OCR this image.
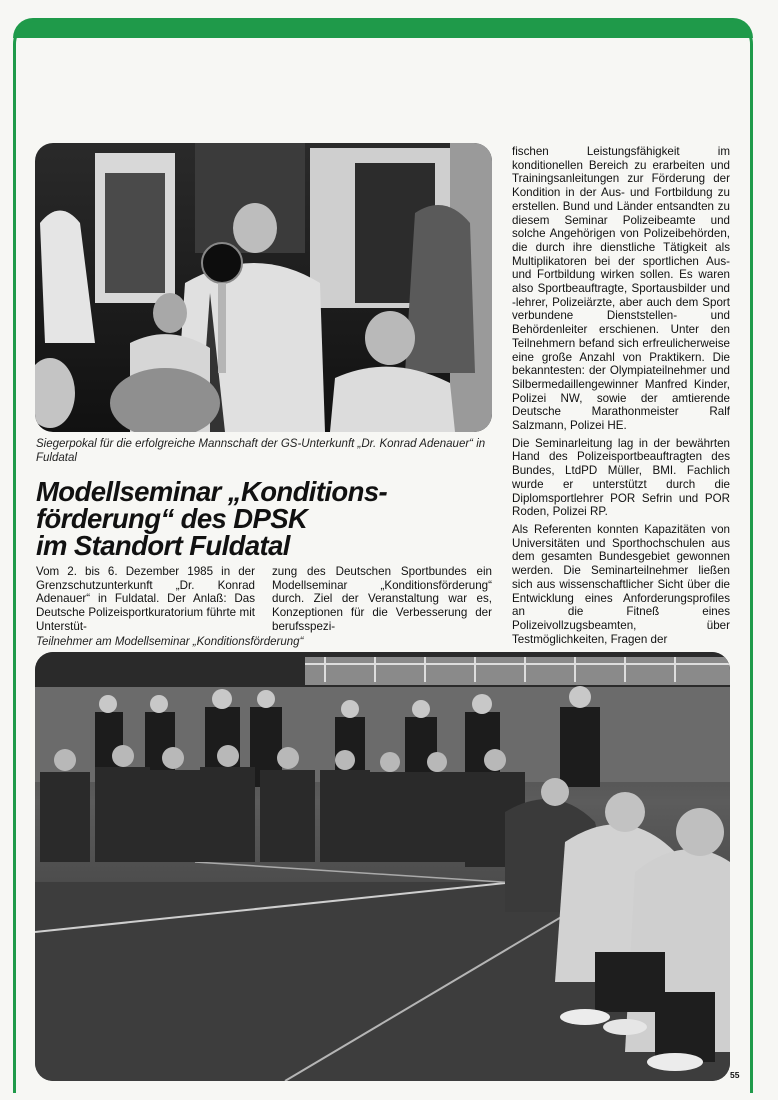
Siegerpokal für die erfolgreiche Mannschaft der GS-Unterkunft „Dr. Konrad Adenauer“ in Fuldatal
Modellseminar „Konditions-
förderung“ des DPSK
im Standort Fuldatal

Vom 2. bis 6. Dezember 1985 in der Grenzschutzunterkunft „Dr. Konrad Adenauer“ in Fuldatal. Der Anlaß: Das Deutsche Polizeisportkuratorium führte mit Unterstüt-

zung des Deutschen Sportbundes ein Modellseminar „Konditionsförderung“ durch. Ziel der Veranstaltung war es, Konzeptionen für die Verbesserung der berufsspezi-

fischen Leistungsfähigkeit im konditionellen Bereich zu erarbeiten und Trainingsanleitungen zur Förderung der Kondition in der Aus- und Fortbildung zu erstellen. Bund und Länder entsandten zu diesem Seminar Polizeibeamte und solche Angehörigen von Polizeibehörden, die durch ihre dienstliche Tätigkeit als Multiplikatoren bei der sportlichen Aus- und Fortbildung wirken sollen. Es waren also Sportbeauftragte, Sportausbilder und -lehrer, Polizeiärzte, aber auch dem Sport verbundene Dienststellen- und Behördenleiter erschienen. Unter den Teilnehmern befand sich erfreulicherweise eine große Anzahl von Praktikern. Die bekanntesten: der Olympiateilnehmer und Silbermedaillengewinner Manfred Kinder, Polizei NW, sowie der amtierende Deutsche Marathonmeister Ralf Salzmann, Polizei HE.

Die Seminarleitung lag in der bewährten Hand des Polizeisportbeauftragten des Bundes, LtdPD Müller, BMI. Fachlich wurde er unterstützt durch die Diplomsportlehrer POR Sefrin und POR Roden, Polizei RP.

Als Referenten konnten Kapazitäten von Universitäten und Sporthochschulen aus dem gesamten Bundesgebiet gewonnen werden. Die Seminarteilnehmer ließen sich aus wissenschaftlicher Sicht über die Entwicklung eines Anforderungsprofiles an die Fitneß eines Polizeivollzugsbeamten, über Testmöglichkeiten, Fragen der

Teilnehmer am Modellseminar „Konditionsförderung“
55
